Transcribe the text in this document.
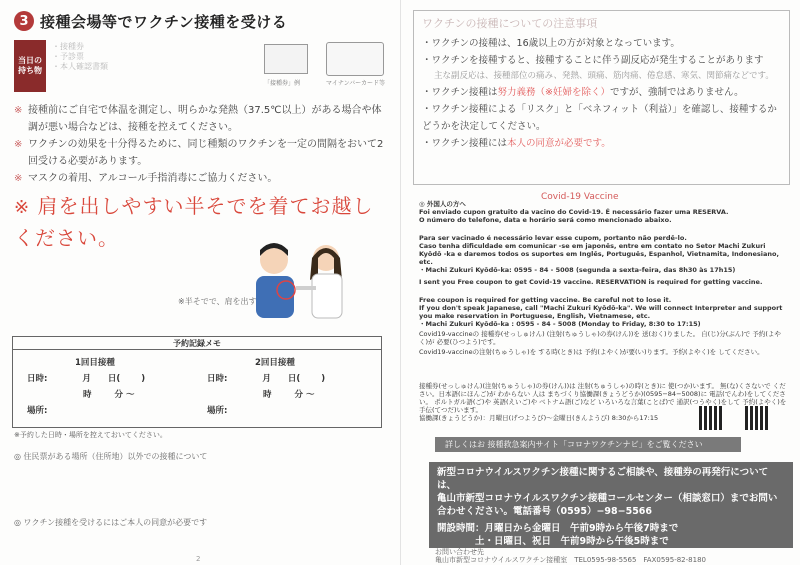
3 接種会場等でワクチン接種を受ける
当日の持ち物
・接種券
・予診票
・本人確認書類
「接種券」例	マイナンバーカード等
※ 接種前にご自宅で体温を測定し、明らかな発熱（37.5℃以上）がある場合や体調が悪い場合などは、接種を控えてください。
※ ワクチンの効果を十分得るために、同じ種類のワクチンを一定の間隔をおいて2回受ける必要があります。
※ マスクの着用、アルコール手指消毒にご協力ください。
※ 肩を出しやすい半そでを着てお越しください。
※半そでで、肩を出す
予約記録メモ
1回目接種
日時:	月 日( )
時	分 〜
場所:
2回目接種
日時:	月 日( )
時	分 〜
場所:
※予約した日時・場所を控えておいてください。
◎ 住民票がある場所（住所地）以外での接種について
◎ ワクチン接種を受けるにはご本人の同意が必要です
2
ワクチンの接種についての注意事項
・ワクチンの接種は、16歳以上の方が対象となっています。
・ワクチンを接種すると、接種することに伴う副反応が発生することがあります
主な副反応は、接種部位の痛み、発熱、頭痛、筋肉痛、倦怠感、寒気、関節痛などです。
・ワクチン接種は努力義務（※妊婦を除く）ですが、強制ではありません。
・ワクチン接種による「リスク」と「ベネフィット（利益）」を確認し、接種するかどうかを決定してください。
・ワクチン接種には本人の同意が必要です。
Covid-19 Vaccine
◎ 外国人の方へ
Foi enviado cupon gratuito da vacino do Covid-19. É necessário fazer uma RESERVA.
O número do telefone, data e horário será como mencionado abaixo.
Para ser vacinado é necessário levar esse cupom, portanto não perdê-lo.
Caso tenha dificuldade em comunicar -se em japonês, entre em contato no Setor Machi Zukuri Kyōdō -ka e daremos todos os suportes em Inglês, Português, Espanhol, Vietnamita, Indonesiano, etc.
・Machi Zukuri Kyōdō-ka: 0595 - 84 - 5008 (segunda a sexta-feira, das 8h30 às 17h15)
I sent you Free coupon to get Covid-19 vaccine. RESERVATION is required for getting vaccine.
Free coupon is required for getting vaccine. Be careful not to lose it.
If you don't speak Japanese, call "Machi Zukuri Kyōdō-ka". We will connect Interpreter and support you make reservation in Portuguese, English, Vietnamese, etc.
・Machi Zukuri Kyōdō-ka : 0595 - 84 - 5008 (Monday to Friday, 8:30 to 17:15)
Covid19-vaccineの 接種券(せっしゅけん) (注射(ちゅうしゃ)の券(けん))を 送(おく)りました。 自(じ)分(ぶん)で 予約(よやく)が 必要(ひつよう)です。
Covid19-vaccineの注射(ちゅうしゃ)を する時(とき)は 予約(よやく)が要(い)ります。予約(よやく)を してください。
接種券(せっしゅけん)(注射(ちゅうしゃ)の券(けん))は 注射(ちゅうしゃ)の時(とき)に 使(つか)います。 無(な)くさないで ください。日本語(にほんご)が わからない 人は まちづくり協働課(きょうどうか)(0595−84−5008)に 電話(でんわ)をしてください。 ポルトガル語(ご)や 英語(えいご)や ベトナム語(ご)など いろいろな言葉(ことば)で 通訳(つうやく)をして 予約(よやく)を 手伝(てつだ)います。
協働課(きょうどうか)：月曜日(げつようび)〜金曜日(きんようび) 8:30から17:15
詳しくはお 接種救急案内サイト「コロナワクチンナビ」をご覧ください
新型コロナウイルスワクチン接種に関するご相談や、接種券の再発行については、
亀山市新型コロナウイルスワクチン接種コールセンター（相談窓口）までお問い合わせください。電話番号（0595）−98−5566
開設時間：月曜日から金曜日　午前9時から午後7時まで
土・日曜日、祝日　午前9時から午後5時まで
お問い合わせ先
亀山市新型コロナウイルスワクチン接種室　TEL0595-98-5565　FAX0595-82-8180
